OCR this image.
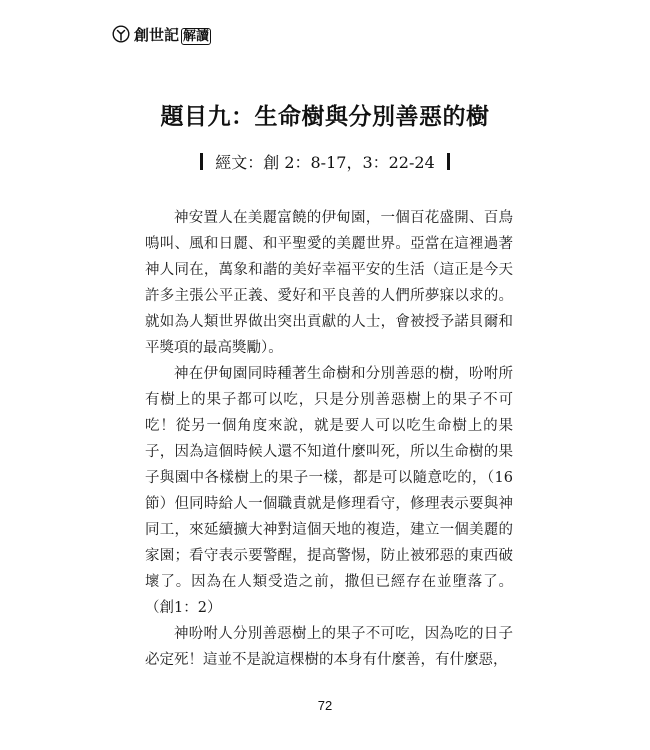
創世記 解讀
題目九：生命樹與分別善惡的樹
經文：創 2：8-17，3：22-24

神安置人在美麗富饒的伊甸園，一個百花盛開、百鳥鳴叫、風和日麗、和平聖愛的美麗世界。亞當在這裡過著神人同在，萬象和諧的美好幸福平安的生活（這正是今天許多主張公平正義、愛好和平良善的人們所夢寐以求的。就如為人類世界做出突出貢獻的人士，會被授予諾貝爾和平獎項的最高獎勵）。

神在伊甸園同時種著生命樹和分別善惡的樹，吩咐所有樹上的果子都可以吃，只是分別善惡樹上的果子不可吃！從另一個角度來說，就是要人可以吃生命樹上的果子，因為這個時候人還不知道什麼叫死，所以生命樹的果子與園中各樣樹上的果子一樣，都是可以隨意吃的，（16節）但同時給人一個職責就是修理看守，修理表示要與神同工，來延續擴大神對這個天地的複造，建立一個美麗的家園；看守表示要警醒，提高警惕，防止被邪惡的東西破壞了。因為在人類受造之前，撒但已經存在並墮落了。（創1：2）

神吩咐人分別善惡樹上的果子不可吃，因為吃的日子必定死！這並不是說這棵樹的本身有什麼善，有什麼惡，

72
